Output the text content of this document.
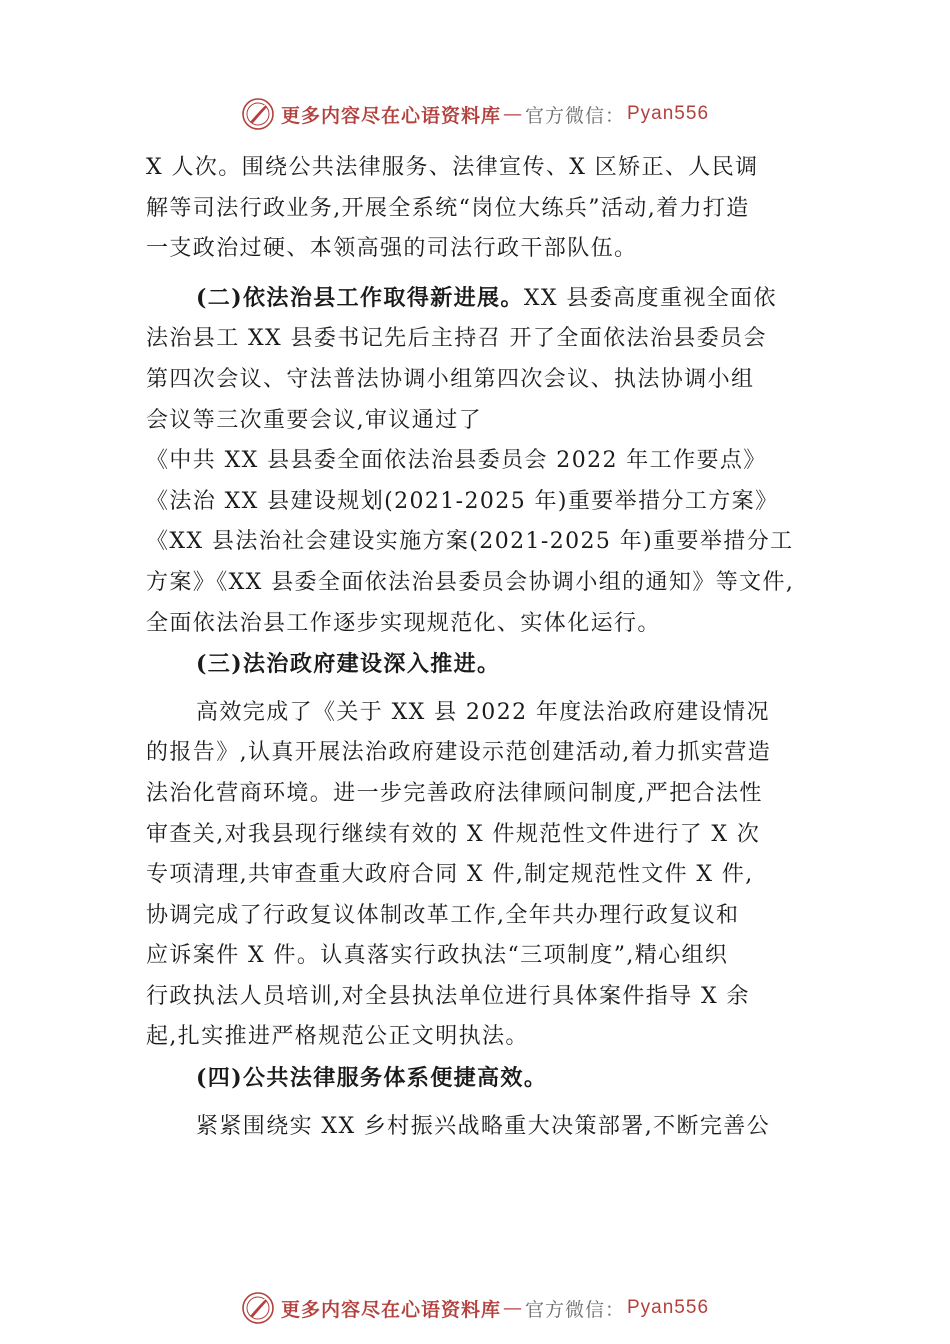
更多内容尽在心语资料库 — 官方微信： Pyan556

X 人次。围绕公共法律服务、法律宣传、X 区矫正、人民调

解等司法行政业务,开展全系统“岗位大练兵”活动,着力打造

一支政治过硬、本领高强的司法行政干部队伍。

(二)依法治县工作取得新进展。XX 县委高度重视全面依

法治县工 XX 县委书记先后主持召 开了全面依法治县委员会

第四次会议、守法普法协调小组第四次会议、执法协调小组

会议等三次重要会议,审议通过了

《中共 XX 县县委全面依法治县委员会 2022 年工作要点》

《法治 XX 县建设规划(2021-2025 年)重要举措分工方案》

《XX 县法治社会建设实施方案(2021-2025 年)重要举措分工

方案》《XX 县委全面依法治县委员会协调小组的通知》等文件,

全面依法治县工作逐步实现规范化、实体化运行。

(三)法治政府建设深入推进。

高效完成了《关于 XX 县 2022 年度法治政府建设情况

的报告》,认真开展法治政府建设示范创建活动,着力抓实营造

法治化营商环境。进一步完善政府法律顾问制度,严把合法性

审查关,对我县现行继续有效的 X 件规范性文件进行了 X 次

专项清理,共审查重大政府合同 X 件,制定规范性文件 X 件,

协调完成了行政复议体制改革工作,全年共办理行政复议和

应诉案件 X 件。认真落实行政执法“三项制度”,精心组织

行政执法人员培训,对全县执法单位进行具体案件指导 X 余

起,扎实推进严格规范公正文明执法。

(四)公共法律服务体系便捷高效。

紧紧围绕实 XX 乡村振兴战略重大决策部署,不断完善公

更多内容尽在心语资料库 — 官方微信： Pyan556
